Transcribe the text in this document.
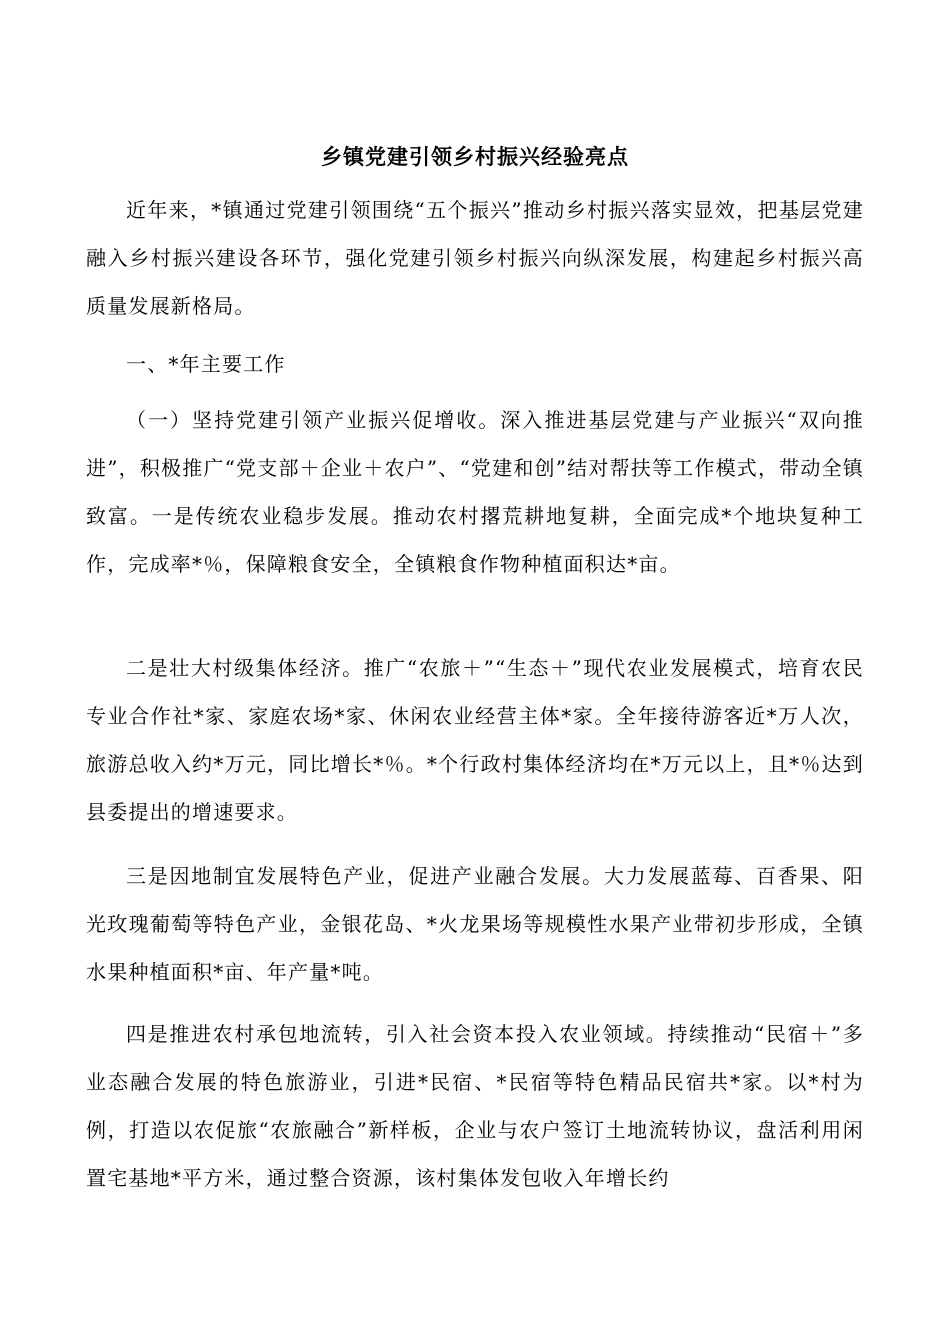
乡镇党建引领乡村振兴经验亮点

近年来，*镇通过党建引领围绕“五个振兴”推动乡村振兴落实显效，把基层党建融入乡村振兴建设各环节，强化党建引领乡村振兴向纵深发展，构建起乡村振兴高质量发展新格局。

一、*年主要工作

（一）坚持党建引领产业振兴促增收。深入推进基层党建与产业振兴“双向推进”，积极推广“党支部＋企业＋农户”、“党建和创”结对帮扶等工作模式，带动全镇致富。一是传统农业稳步发展。推动农村撂荒耕地复耕，全面完成*个地块复种工作，完成率*％，保障粮食安全，全镇粮食作物种植面积达*亩。

二是壮大村级集体经济。推广“农旅＋”“生态＋”现代农业发展模式，培育农民专业合作社*家、家庭农场*家、休闲农业经营主体*家。全年接待游客近*万人次，旅游总收入约*万元，同比增长*％。*个行政村集体经济均在*万元以上，且*％达到县委提出的增速要求。

三是因地制宜发展特色产业，促进产业融合发展。大力发展蓝莓、百香果、阳光玫瑰葡萄等特色产业，金银花岛、*火龙果场等规模性水果产业带初步形成，全镇水果种植面积*亩、年产量*吨。

四是推进农村承包地流转，引入社会资本投入农业领域。持续推动“民宿＋”多业态融合发展的特色旅游业，引进*民宿、*民宿等特色精品民宿共*家。以*村为例，打造以农促旅“农旅融合”新样板，企业与农户签订土地流转协议，盘活利用闲置宅基地*平方米，通过整合资源，该村集体发包收入年增长约
